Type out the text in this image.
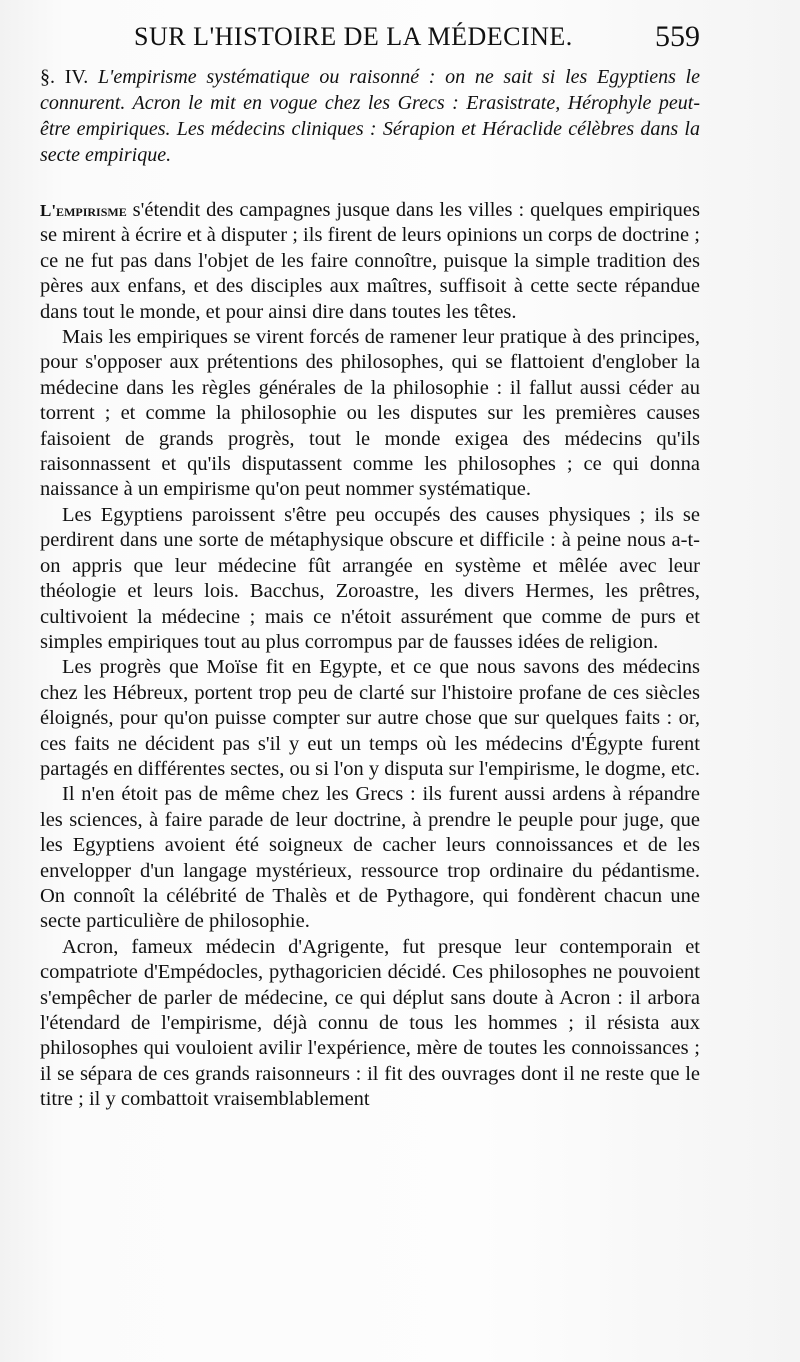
SUR L'HISTOIRE DE LA MÉDECINE.	559
§. IV. L'empirisme systématique ou raisonné : on ne sait si les Egyptiens le connurent. Acron le mit en vogue chez les Grecs : Erasistrate, Hérophyle peut-être empiriques. Les médecins cliniques : Sérapion et Héraclide célèbres dans la secte empirique.

L'empirisme s'étendit des campagnes jusque dans les villes : quelques empiriques se mirent à écrire et à disputer ; ils firent de leurs opinions un corps de doctrine ; ce ne fut pas dans l'objet de les faire connoître, puisque la simple tradition des pères aux enfans, et des disciples aux maîtres, suffisoit à cette secte répandue dans tout le monde, et pour ainsi dire dans toutes les têtes.

Mais les empiriques se virent forcés de ramener leur pratique à des principes, pour s'opposer aux prétentions des philosophes, qui se flattoient d'englober la médecine dans les règles générales de la philosophie : il fallut aussi céder au torrent ; et comme la philosophie ou les disputes sur les premières causes faisoient de grands progrès, tout le monde exigea des médecins qu'ils raisonnassent et qu'ils disputassent comme les philosophes ; ce qui donna naissance à un empirisme qu'on peut nommer systématique.

Les Egyptiens paroissent s'être peu occupés des causes physiques ; ils se perdirent dans une sorte de métaphysique obscure et difficile : à peine nous a-t-on appris que leur médecine fût arrangée en système et mêlée avec leur théologie et leurs lois. Bacchus, Zoroastre, les divers Hermes, les prêtres, cultivoient la médecine ; mais ce n'étoit assurément que comme de purs et simples empiriques tout au plus corrompus par de fausses idées de religion.

Les progrès que Moïse fit en Egypte, et ce que nous savons des médecins chez les Hébreux, portent trop peu de clarté sur l'histoire profane de ces siècles éloignés, pour qu'on puisse compter sur autre chose que sur quelques faits : or, ces faits ne décident pas s'il y eut un temps où les médecins d'Égypte furent partagés en différentes sectes, ou si l'on y disputa sur l'empirisme, le dogme, etc.

Il n'en étoit pas de même chez les Grecs : ils furent aussi ardens à répandre les sciences, à faire parade de leur doctrine, à prendre le peuple pour juge, que les Egyptiens avoient été soigneux de cacher leurs connoissances et de les envelopper d'un langage mystérieux, ressource trop ordinaire du pédantisme. On connoît la célébrité de Thalès et de Pythagore, qui fondèrent chacun une secte particulière de philosophie.

Acron, fameux médecin d'Agrigente, fut presque leur contemporain et compatriote d'Empédocles, pythagoricien décidé. Ces philosophes ne pouvoient s'empêcher de parler de médecine, ce qui déplut sans doute à Acron : il arbora l'étendard de l'empirisme, déjà connu de tous les hommes ; il résista aux philosophes qui vouloient avilir l'expérience, mère de toutes les connoissances ; il se sépara de ces grands raisonneurs : il fit des ouvrages dont il ne reste que le titre ; il y combattoit vraisemblablement
